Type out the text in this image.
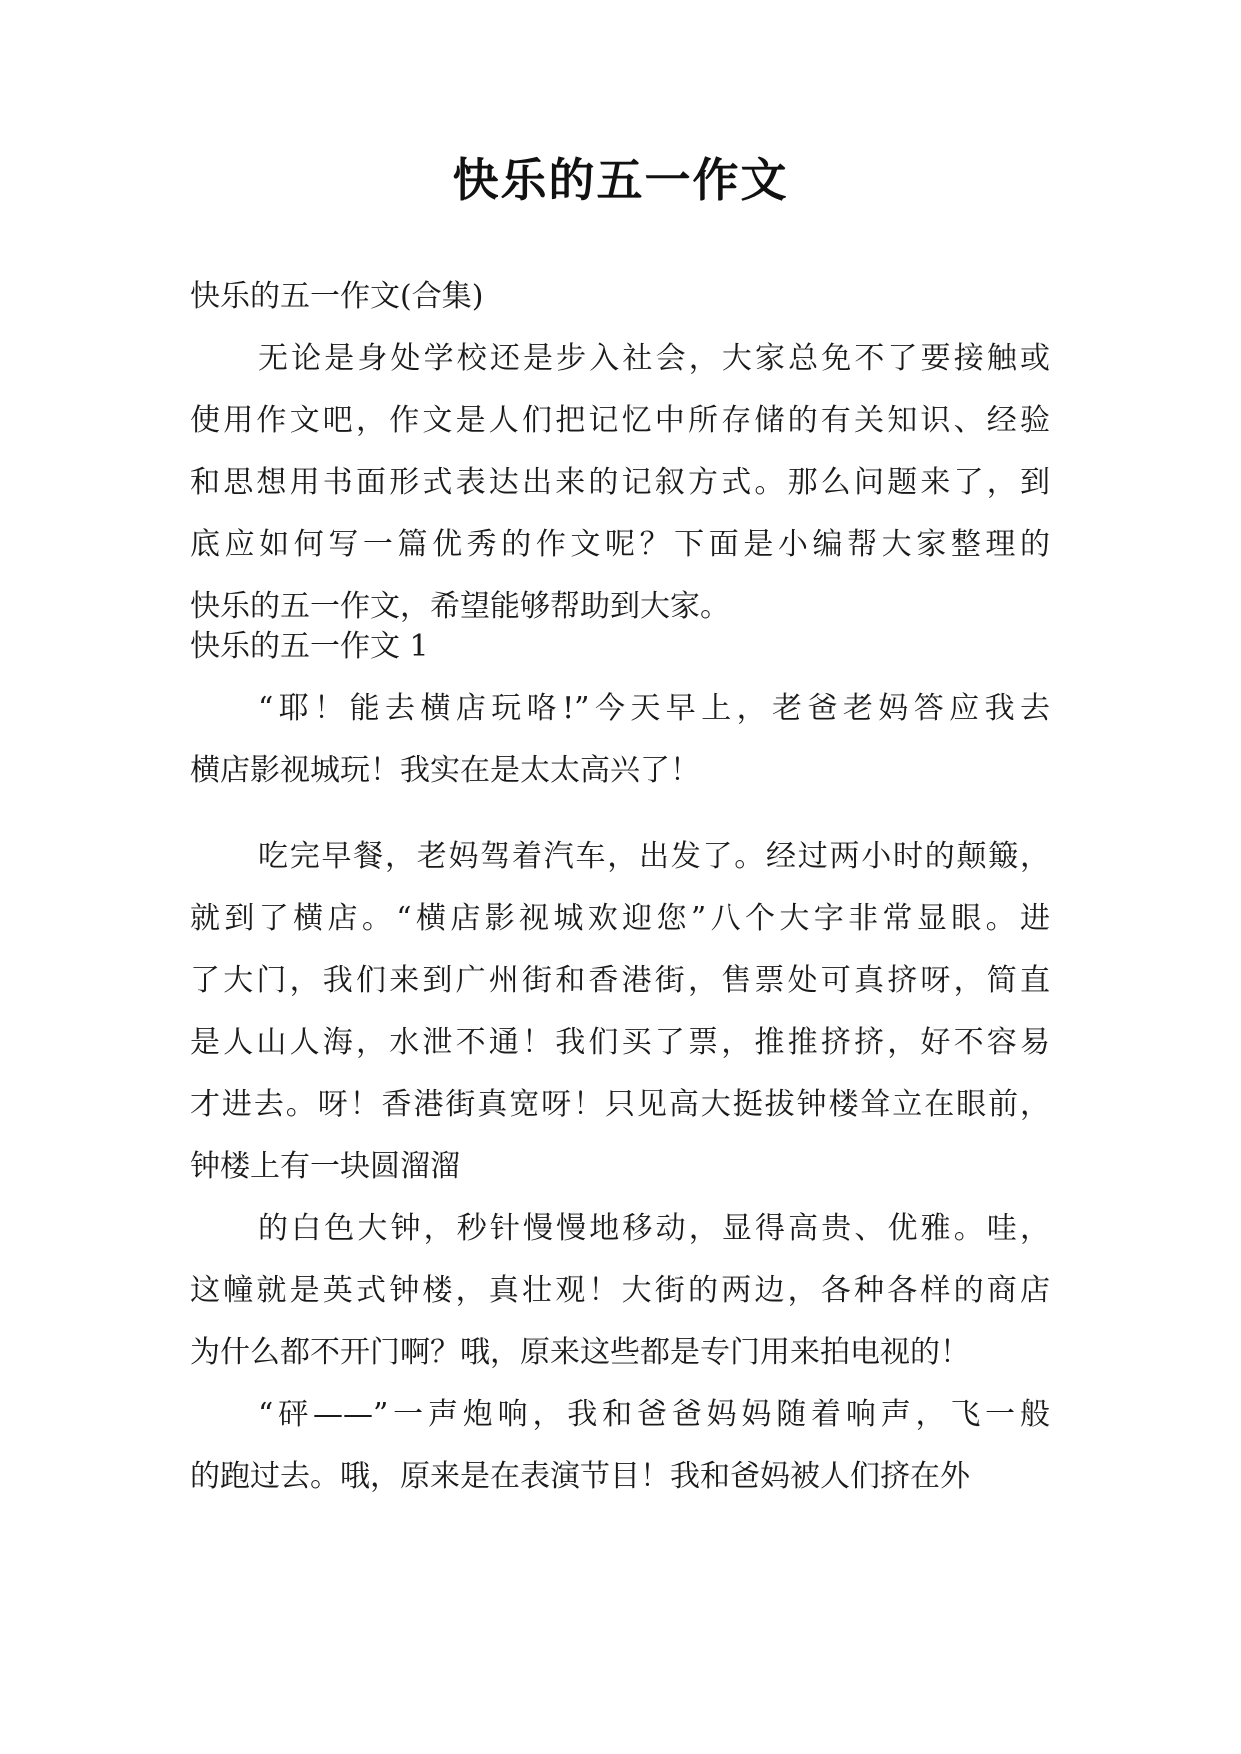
快乐的五一作文
快乐的五一作文(合集)
无论是身处学校还是步入社会，大家总免不了要接触或
使用作文吧，作文是人们把记忆中所存储的有关知识、经验
和思想用书面形式表达出来的记叙方式。那么问题来了，到
底应如何写一篇优秀的作文呢？下面是小编帮大家整理的
快乐的五一作文，希望能够帮助到大家。
快乐的五一作文 1
“耶！能去横店玩咯!”今天早上，老爸老妈答应我去
横店影视城玩！我实在是太太高兴了！
吃完早餐，老妈驾着汽车，出发了。经过两小时的颠簸，
就到了横店。“横店影视城欢迎您”八个大字非常显眼。进
了大门，我们来到广州街和香港街，售票处可真挤呀，简直
是人山人海，水泄不通！我们买了票，推推挤挤，好不容易
才进去。呀！香港街真宽呀！只见高大挺拔钟楼耸立在眼前，
钟楼上有一块圆溜溜
的白色大钟，秒针慢慢地移动，显得高贵、优雅。哇，
这幢就是英式钟楼，真壮观！大街的两边，各种各样的商店
为什么都不开门啊？哦，原来这些都是专门用来拍电视的！
“砰——”一声炮响，我和爸爸妈妈随着响声，飞一般
的跑过去。哦，原来是在表演节目！我和爸妈被人们挤在外
